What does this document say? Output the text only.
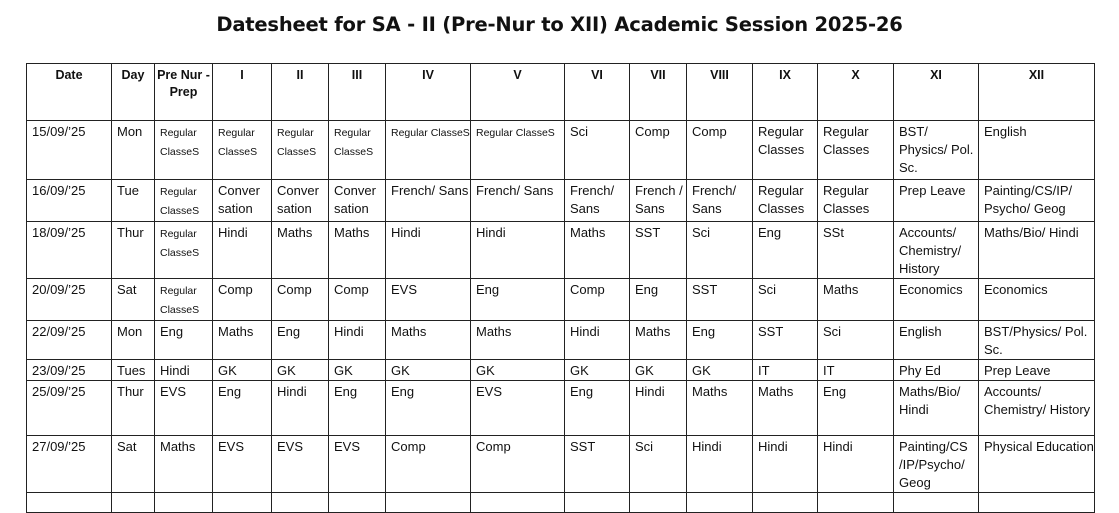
Datesheet for SA - II (Pre-Nur to XII) Academic Session 2025-26
Date	Day	Pre Nur - Prep	I	II	III	IV	V	VI	VII	VIII	IX	X	XI	XII
15/09/’25	Mon	Regular ClasseS	Regular ClasseS	Regular ClasseS	Regular ClasseS	Regular ClasseS	Regular ClasseS	Sci	Comp	Comp	Regular Classes	Regular Classes	BST/ Physics/ Pol. Sc.	English
16/09/’25	Tue	Regular ClasseS	Conver sation	Conver sation	Conver sation	French/ Sans	French/ Sans	French/ Sans	French / Sans	French/ Sans	Regular Classes	Regular Classes	Prep Leave	Painting/CS/IP/ Psycho/ Geog
18/09/’25	Thur	Regular ClasseS	Hindi	Maths	Maths	Hindi	Hindi	Maths	SST	Sci	Eng	SSt	Accounts/ Chemistry/ History	Maths/Bio/ Hindi
20/09/’25	Sat	Regular ClasseS	Comp	Comp	Comp	EVS	Eng	Comp	Eng	SST	Sci	Maths	Economics	Economics
22/09/’25	Mon	Eng	Maths	Eng	Hindi	Maths	Maths	Hindi	Maths	Eng	SST	Sci	English	BST/Physics/ Pol. Sc.
23/09/’25	Tues	Hindi	GK	GK	GK	GK	GK	GK	GK	GK	IT	IT	Phy Ed	Prep Leave
25/09/’25	Thur	EVS	Eng	Hindi	Eng	Eng	EVS	Eng	Hindi	Maths	Maths	Eng	Maths/Bio/ Hindi	Accounts/ Chemistry/ History
27/09/’25	Sat	Maths	EVS	EVS	EVS	Comp	Comp	SST	Sci	Hindi	Hindi	Hindi	Painting/CS /IP/Psycho/ Geog	Physical Education
